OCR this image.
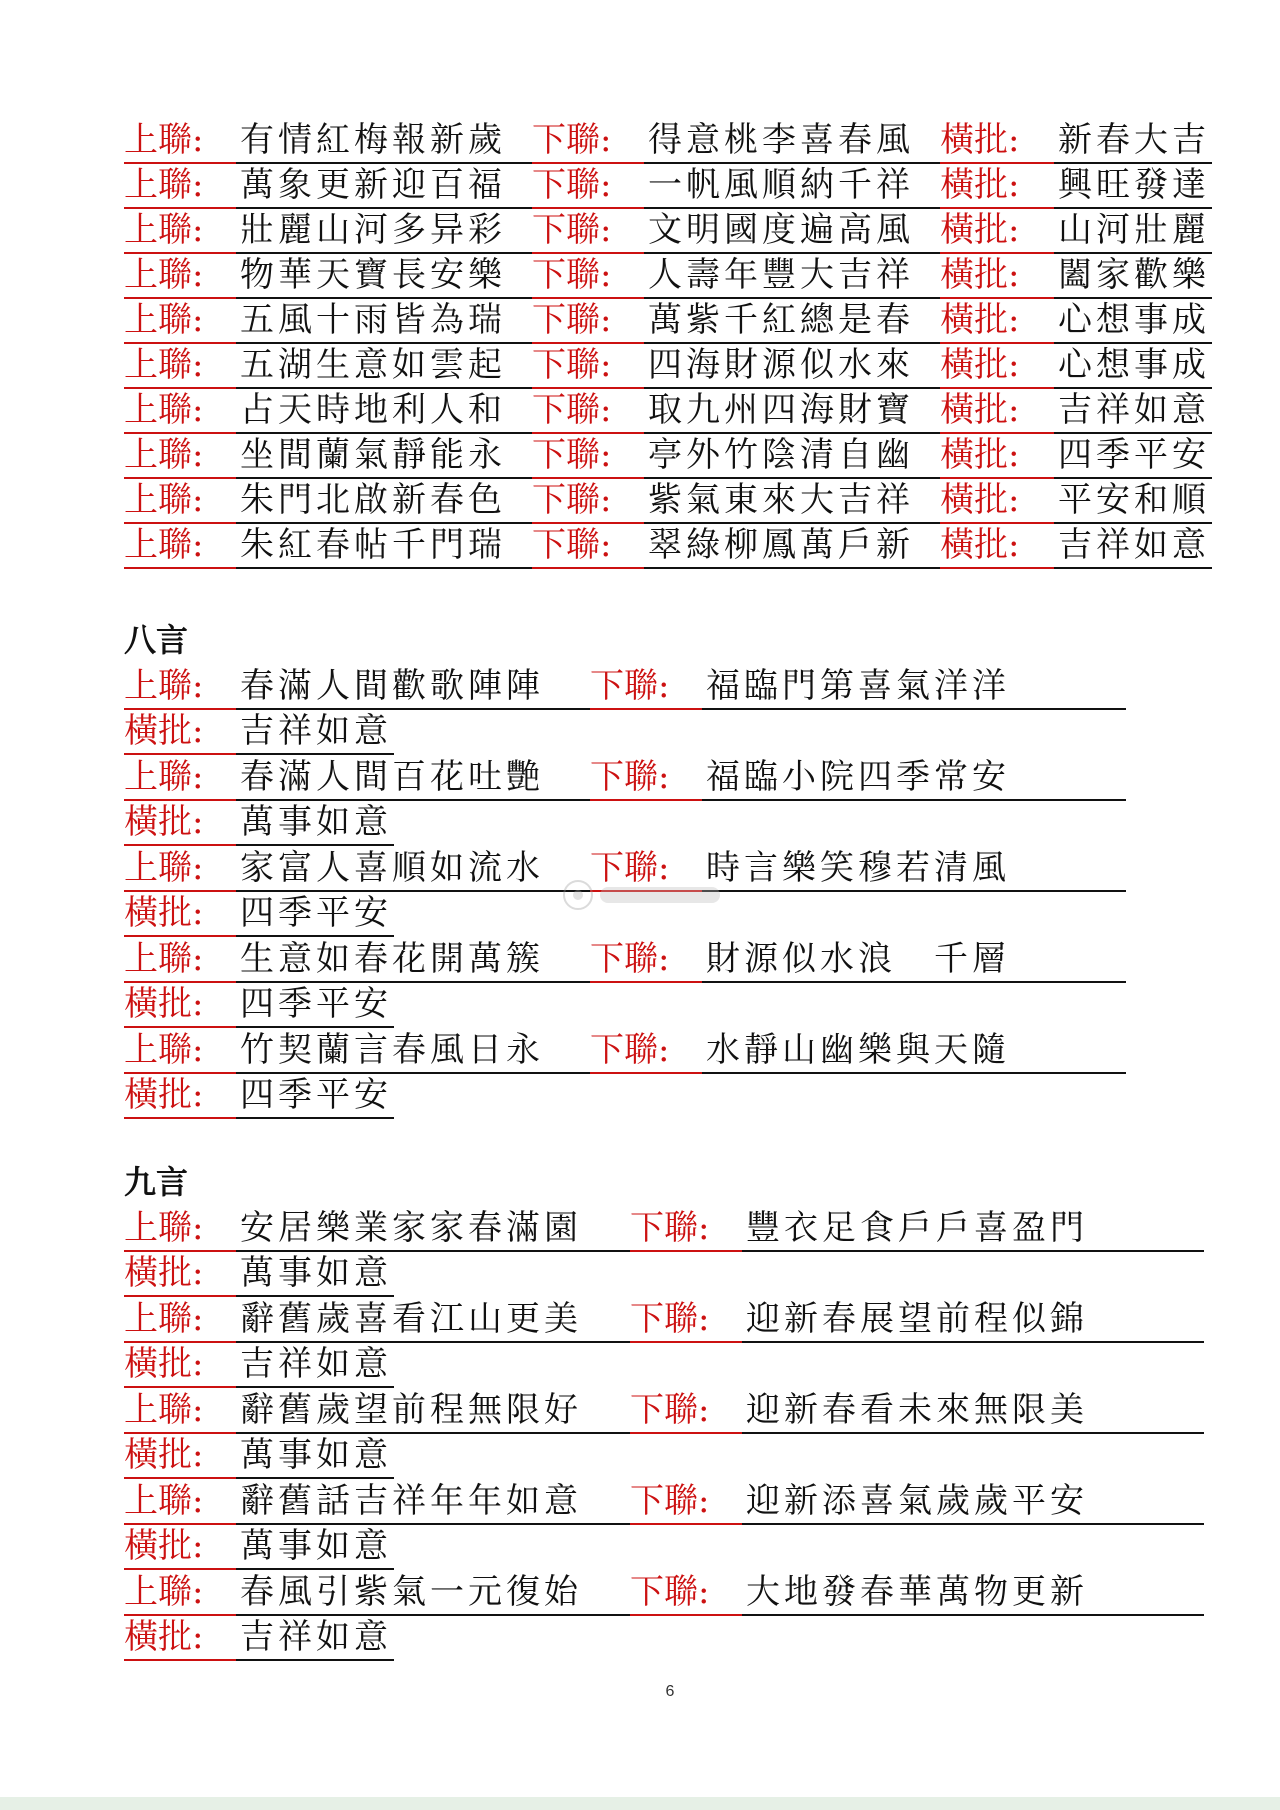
上聯: 有情紅梅報新歲 下聯: 得意桃李喜春風 橫批: 新春大吉
上聯: 萬象更新迎百福 下聯: 一帆風順納千祥 橫批: 興旺發達
上聯: 壯麗山河多异彩 下聯: 文明國度遍高風 橫批: 山河壯麗
上聯: 物華天寶長安樂 下聯: 人壽年豐大吉祥 橫批: 闔家歡樂
上聯: 五風十雨皆為瑞 下聯: 萬紫千紅總是春 橫批: 心想事成
上聯: 五湖生意如雲起 下聯: 四海財源似水來 橫批: 心想事成
上聯: 占天時地利人和 下聯: 取九州四海財寶 橫批: 吉祥如意
上聯: 坐間蘭氣靜能永 下聯: 亭外竹陰清自幽 橫批: 四季平安
上聯: 朱門北啟新春色 下聯: 紫氣東來大吉祥 橫批: 平安和順
上聯: 朱紅春帖千門瑞 下聯: 翠綠柳鳳萬戶新 橫批: 吉祥如意
八言
上聯: 春滿人間歡歌陣陣 下聯: 福臨門第喜氣洋洋
橫批: 吉祥如意
上聯: 春滿人間百花吐艷 下聯: 福臨小院四季常安
橫批: 萬事如意
上聯: 家富人喜順如流水 下聯: 時言樂笑穆若清風
橫批: 四季平安
上聯: 生意如春花開萬簇 下聯: 財源似水浪　千層
橫批: 四季平安
上聯: 竹契蘭言春風日永 下聯: 水靜山幽樂與天隨
橫批: 四季平安
九言
上聯: 安居樂業家家春滿園 下聯: 豐衣足食戶戶喜盈門
橫批: 萬事如意
上聯: 辭舊歲喜看江山更美 下聯: 迎新春展望前程似錦
橫批: 吉祥如意
上聯: 辭舊歲望前程無限好 下聯: 迎新春看未來無限美
橫批: 萬事如意
上聯: 辭舊話吉祥年年如意 下聯: 迎新添喜氣歲歲平安
橫批: 萬事如意
上聯: 春風引紫氣一元復始 下聯: 大地發春華萬物更新
橫批: 吉祥如意
6
